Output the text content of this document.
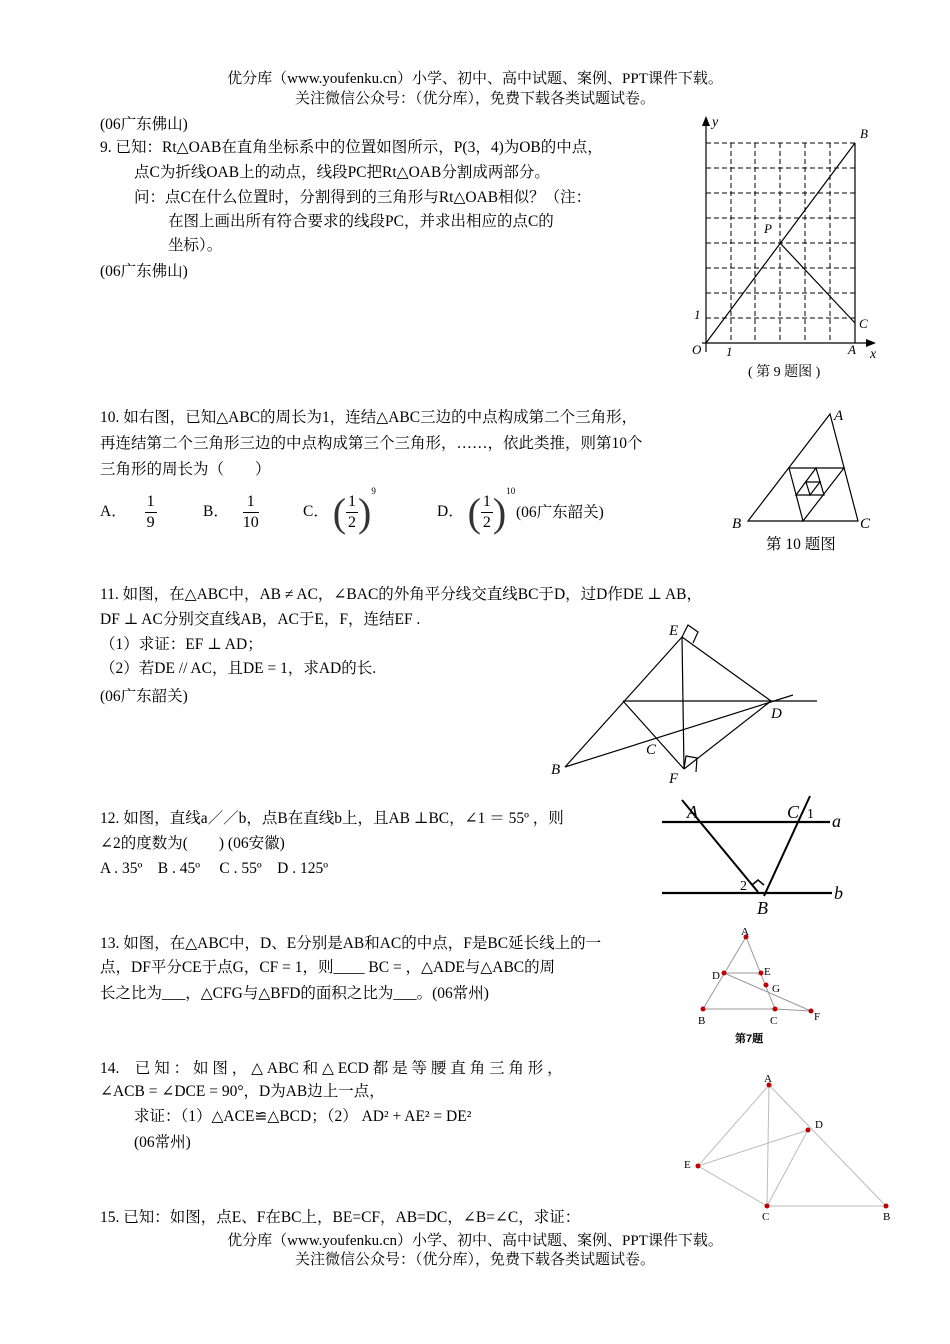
优分库（www.youfenku.cn）小学、初中、高中试题、案例、PPT课件下载。
关注微信公众号：（优分库），免费下载各类试题试卷。
(06广东佛山)
9. 已知：Rt△OAB在直角坐标系中的位置如图所示，P(3，4)为OB的中点，
点C为折线OAB上的动点，线段PC把Rt△OAB分割成两部分。
问：点C在什么位置时，分割得到的三角形与Rt△OAB相似？（注：
在图上画出所有符合要求的线段PC，并求出相应的点C的
坐标）。
(06广东佛山)
y
x
B
P
C
A
O
1
1
( 第 9 题图 )
10. 如右图，已知△ABC的周长为1，连结△ABC三边的中点构成第二个三角形，
再连结第二个三角形三边的中点构成第三个三角形，……，依此类推，则第10个
三角形的周长为（　　）
A． $\frac{1}{9}$	B． $\frac{1}{10}$	C． ( $\frac{1}{2} )^9$
D． ( $\frac{1}{2} )^{10}$
(06广东韶关)
A
B	C
第 10 题图
11. 如图，在△ABC中，AB ≠ AC，∠BAC的外角平分线交直线BC于D，过D作DE ⊥ AB，
DF ⊥ AC分别交直线AB，AC于E，F，连结EF .
（1）求证：EF ⊥ AD；
（2）若DE // AC，且DE = 1，求AD的长.
(06广东韶关)
E
D
C
B
F
12. 如图，直线a／／b，点B在直线b上，且AB ⊥BC，∠1 ＝ 55º ，则
∠2的度数为(　　) (06安徽)
A . 35º　B . 45º　 C . 55º　D . 125º
A	C 1 a
2	b
B
13. 如图，在△ABC中，D、E分别是AB和AC的中点，F是BC延长线上的一
点，DF平分CE于点G，CF = 1，则____ BC = ，△ADE与△ABC的周
长之比为___，△CFG与△BFD的面积之比为___。(06常州)
A
D	E
G
B	C	F
第7题
14.　已 知 ： 如 图 ， △ ABC 和 △ ECD 都 是 等 腰 直 角 三 角 形 ，
∠ACB = ∠DCE = 90°，D为AB边上一点，
求证：（1）△ACE≌△BCD；（2） AD² + AE² = DE²
(06常州)
A
D
E
C	B
15. 已知：如图，点E、F在BC上，BE=CF，AB=DC，∠B=∠C，求证：
优分库（www.youfenku.cn）小学、初中、高中试题、案例、PPT课件下载。
关注微信公众号：（优分库），免费下载各类试题试卷。
